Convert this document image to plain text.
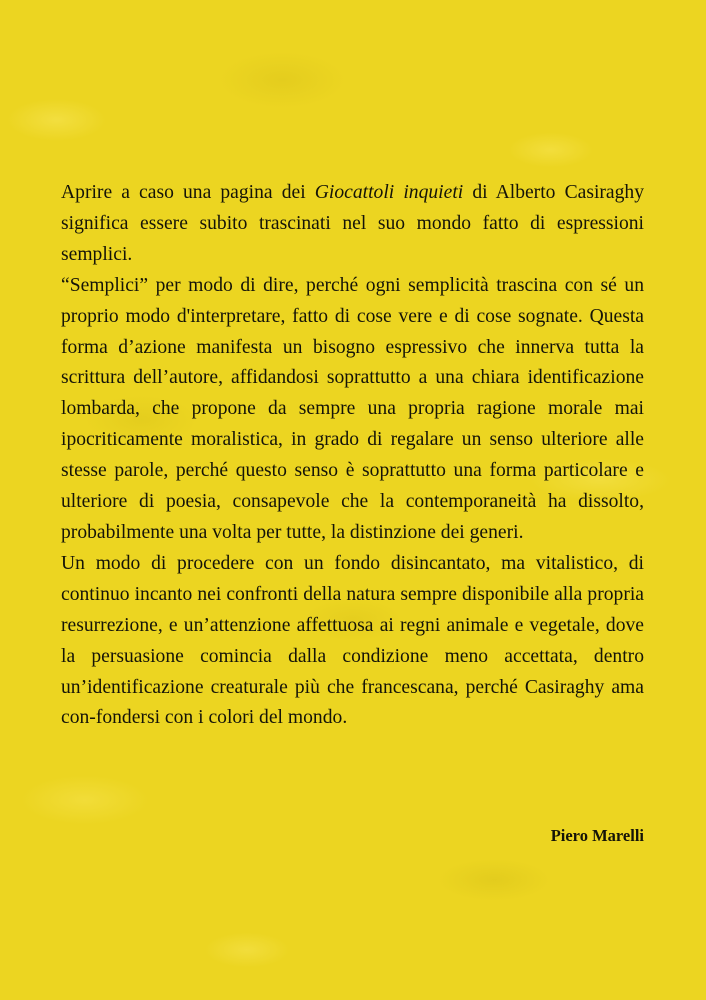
Aprire a caso una pagina dei Giocattoli inquieti di Alberto Casiraghy significa essere subito trascinati nel suo mondo fatto di espressioni semplici.

“Semplici” per modo di dire, perché ogni semplicità trascina con sé un proprio modo d'interpretare, fatto di cose vere e di cose sognate. Questa forma d’azione manifesta un bisogno espressivo che innerva tutta la scrittura dell’autore, affidandosi soprattutto a una chiara identificazione lombarda, che propone da sempre una propria ragione morale mai ipocriticamente moralistica, in grado di regalare un senso ulteriore alle stesse parole, perché questo senso è soprattutto una forma particolare e ulteriore di poesia, consapevole che la contemporaneità ha dissolto, probabilmente una volta per tutte, la distinzione dei generi.

Un modo di procedere con un fondo disincantato, ma vitalistico, di continuo incanto nei confronti della natura sempre disponibile alla propria resurrezione, e un’attenzione affettuosa ai regni animale e vegetale, dove la persuasione comincia dalla condizione meno accettata, dentro un’identificazione creaturale più che francescana, perché Casiraghy ama con-fondersi con i colori del mondo.

Piero Marelli
